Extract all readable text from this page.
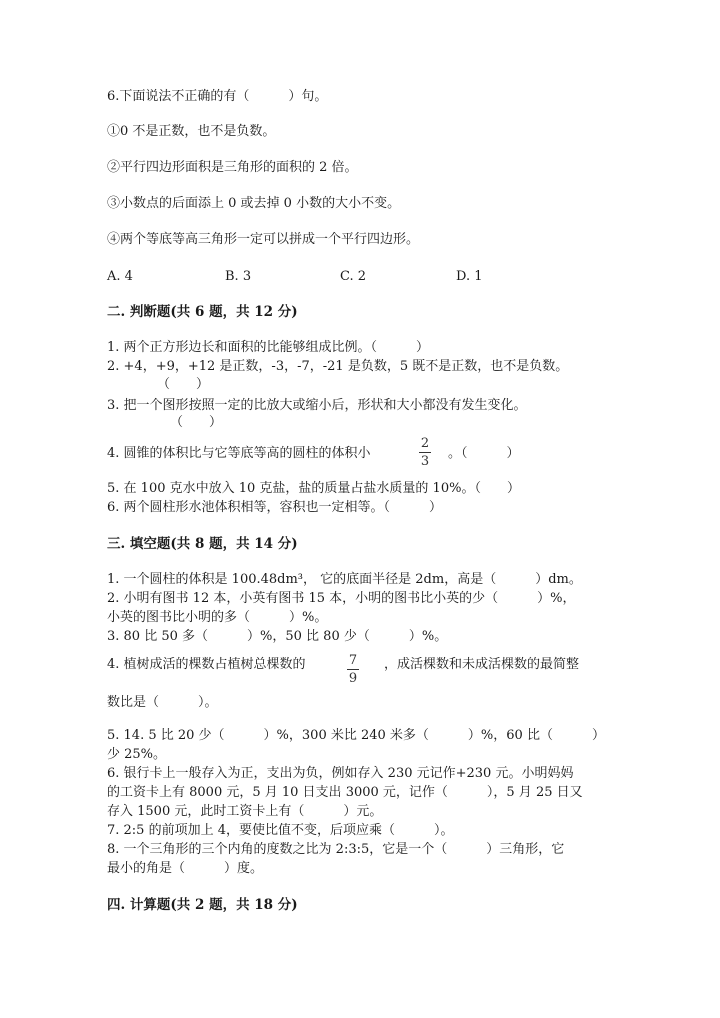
6.下面说法不正确的有（　　　）句。
①0 不是正数，也不是负数。
②平行四边形面积是三角形的面积的 2 倍。
③小数点的后面添上 0 或去掉 0 小数的大小不变。
④两个等底等高三角形一定可以拼成一个平行四边形。
A. 4	B. 3	C. 2	D. 1
二. 判断题(共 6 题，共 12 分)
1. 两个正方形边长和面积的比能够组成比例。（　　　）
2. +4，+9，+12 是正数，-3，-7，-21 是负数，5 既不是正数，也不是负数。
（　　）
3. 把一个图形按照一定的比放大或缩小后，形状和大小都没有发生变化。
（　　）
4. 圆锥的体积比与它等底等高的圆柱的体积小
2
3
。（　　　）
5. 在 100 克水中放入 10 克盐，盐的质量占盐水质量的 10%。（　　）
6. 两个圆柱形水池体积相等，容积也一定相等。（　　　）
三. 填空题(共 8 题，共 14 分)
1. 一个圆柱的体积是 100.48dm³， 它的底面半径是 2dm，高是（　　　）dm。
2. 小明有图书 12 本，小英有图书 15 本，小明的图书比小英的少（　　　）%，
小英的图书比小明的多（　　　）%。
3. 80 比 50 多（　　　）%，50 比 80 少（　　　）%。
4. 植树成活的棵数占植树总棵数的	7
9
，成活棵数和未成活棵数的最简整
数比是（　　　）。
5. 14. 5 比 20 少（　　　）%，300 米比 240 米多（　　　）%，60 比（　　　）
少 25%。
6. 银行卡上一般存入为正，支出为负，例如存入 230 元记作+230 元。小明妈妈
的工资卡上有 8000 元，5 月 10 日支出 3000 元，记作（　　　），5 月 25 日又
存入 1500 元，此时工资卡上有（　　　）元。
7. 2:5 的前项加上 4，要使比值不变，后项应乘（　　　）。
8. 一个三角形的三个内角的度数之比为 2:3:5，它是一个（　　　）三角形，它
最小的角是（　　　）度。
四. 计算题(共 2 题，共 18 分)
